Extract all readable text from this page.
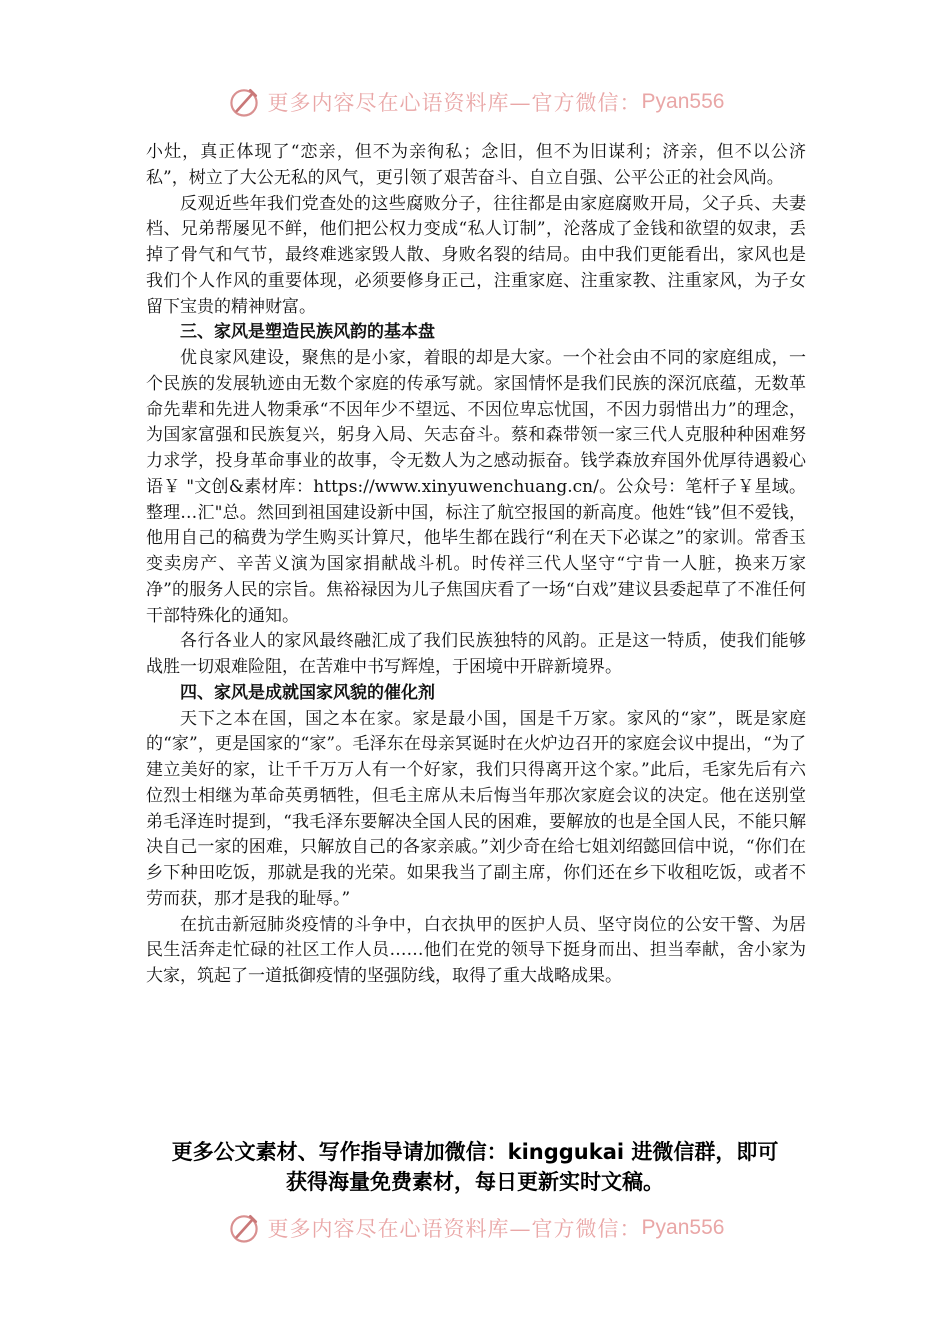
更多内容尽在心语资料库—官方微信： Pyan556

小灶，真正体现了“恋亲，但不为亲徇私；念旧，但不为旧谋利；济亲，但不以公济私”，树立了大公无私的风气，更引领了艰苦奋斗、自立自强、公平公正的社会风尚。

反观近些年我们党查处的这些腐败分子，往往都是由家庭腐败开局，父子兵、夫妻档、兄弟帮屡见不鲜，他们把公权力变成“私人订制”，沦落成了金钱和欲望的奴隶，丢掉了骨气和气节，最终难逃家毁人散、身败名裂的结局。由中我们更能看出，家风也是我们个人作风的重要体现，必须要修身正己，注重家庭、注重家教、注重家风，为子女留下宝贵的精神财富。

三、家风是塑造民族风韵的基本盘

优良家风建设，聚焦的是小家，着眼的却是大家。一个社会由不同的家庭组成，一个民族的发展轨迹由无数个家庭的传承写就。家国情怀是我们民族的深沉底蕴，无数革命先辈和先进人物秉承“不因年少不望远、不因位卑忘忧国，不因力弱惜出力”的理念，为国家富强和民族复兴，躬身入局、矢志奋斗。蔡和森带领一家三代人克服种种困难努力求学，投身革命事业的故事，令无数人为之感动振奋。钱学森放弃国外优厚待遇毅心语￥ "文创&素材库：https://www.xinyuwenchuang.cn/。公众号：笔杆子￥星域。整理…汇"总。然回到祖国建设新中国，标注了航空报国的新高度。他姓“钱”但不爱钱，他用自己的稿费为学生购买计算尺，他毕生都在践行“利在天下必谋之”的家训。常香玉变卖房产、辛苦义演为国家捐献战斗机。时传祥三代人坚守“宁肯一人脏，换来万家净”的服务人民的宗旨。焦裕禄因为儿子焦国庆看了一场“白戏”建议县委起草了不准任何干部特殊化的通知。

各行各业人的家风最终融汇成了我们民族独特的风韵。正是这一特质，使我们能够战胜一切艰难险阻，在苦难中书写辉煌，于困境中开辟新境界。

四、家风是成就国家风貌的催化剂

天下之本在国，国之本在家。家是最小国，国是千万家。家风的“家”，既是家庭的“家”，更是国家的“家”。毛泽东在母亲冥诞时在火炉边召开的家庭会议中提出，“为了建立美好的家，让千千万万人有一个好家，我们只得离开这个家。”此后，毛家先后有六位烈士相继为革命英勇牺牲，但毛主席从未后悔当年那次家庭会议的决定。他在送别堂弟毛泽连时提到，“我毛泽东要解决全国人民的困难，要解放的也是全国人民，不能只解决自己一家的困难，只解放自己的各家亲戚。”刘少奇在给七姐刘绍懿回信中说，“你们在乡下种田吃饭，那就是我的光荣。如果我当了副主席，你们还在乡下收租吃饭，或者不劳而获，那才是我的耻辱。”

在抗击新冠肺炎疫情的斗争中，白衣执甲的医护人员、坚守岗位的公安干警、为居民生活奔走忙碌的社区工作人员……他们在党的领导下挺身而出、担当奉献，舍小家为大家，筑起了一道抵御疫情的坚强防线，取得了重大战略成果。

更多公文素材、写作指导请加微信：kinggukai 进微信群，即可
获得海量免费素材，每日更新实时文稿。
更多内容尽在心语资料库—官方微信： Pyan556
